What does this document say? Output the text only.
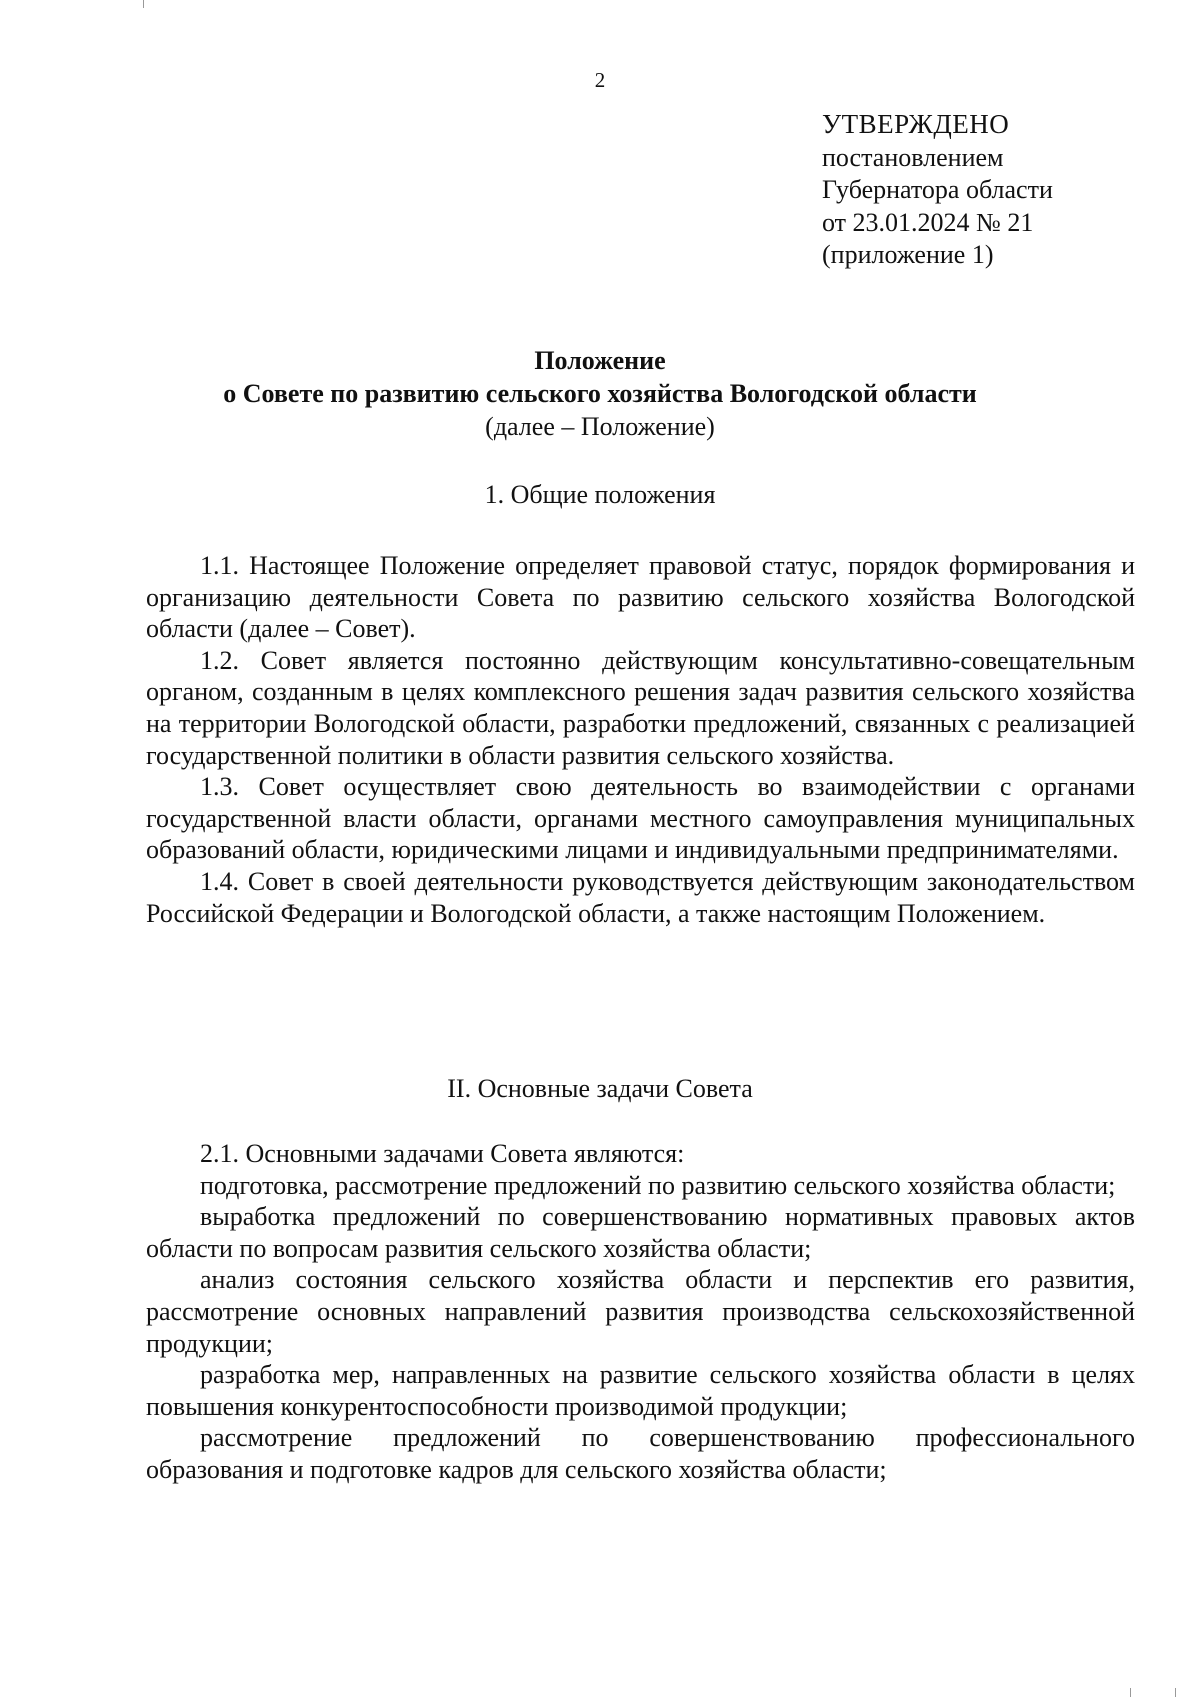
2
УТВЕРЖДЕНО
постановлением
Губернатора области
от 23.01.2024 № 21
(приложение 1)
Положение
о Совете по развитию сельского хозяйства Вологодской области
(далее – Положение)
1. Общие положения

1.1. Настоящее Положение определяет правовой статус, порядок формирования и организацию деятельности Совета по развитию сельского хозяйства Вологодской области (далее – Совет).

1.2. Совет является постоянно действующим консультативно-совещательным органом, созданным в целях комплексного решения задач развития сельского хозяйства на территории Вологодской области, разработки предложений, связанных с реализацией государственной политики в области развития сельского хозяйства.

1.3. Совет осуществляет свою деятельность во взаимодействии с органами государственной власти области, органами местного самоуправления муниципальных образований области, юридическими лицами и индивидуальными предпринимателями.

1.4. Совет в своей деятельности руководствуется действующим законодательством Российской Федерации и Вологодской области, а также настоящим Положением.

II. Основные задачи Совета

2.1. Основными задачами Совета являются:

подготовка, рассмотрение предложений по развитию сельского хозяйства области;

выработка предложений по совершенствованию нормативных правовых актов области по вопросам развития сельского хозяйства области;

анализ состояния сельского хозяйства области и перспектив его развития, рассмотрение основных направлений развития производства сельскохозяйственной продукции;

разработка мер, направленных на развитие сельского хозяйства области в целях повышения конкурентоспособности производимой продукции;

рассмотрение предложений по совершенствованию профессионального образования и подготовке кадров для сельского хозяйства области;
